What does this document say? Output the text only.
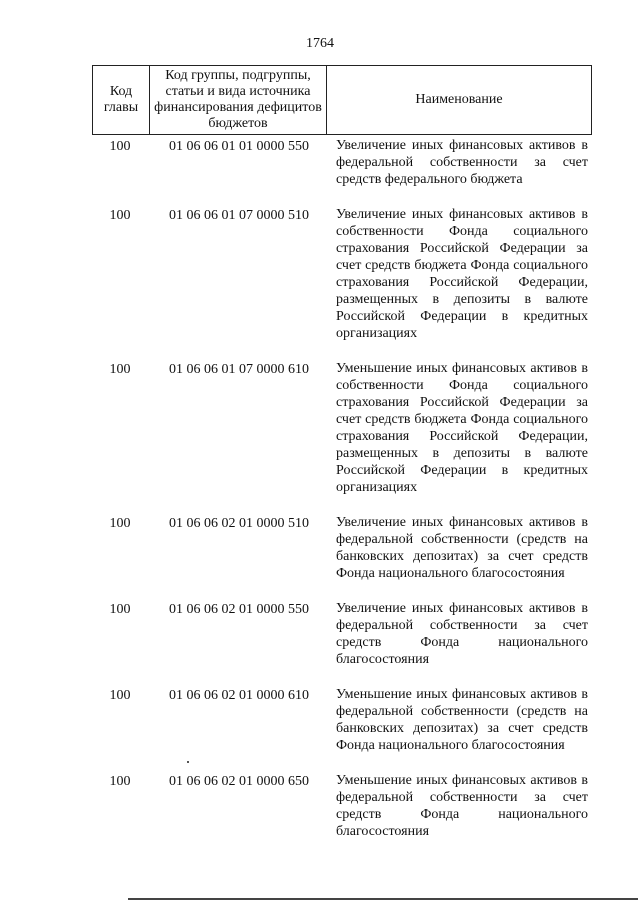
1764
Код главы	Код группы, подгруппы, статьи и вида источника финансирования дефицитов бюджетов	Наименование
100	01 06 06 01 01 0000 550	Увеличение иных финансовых активов в федеральной собственности за счет средств федерального бюджета
100	01 06 06 01 07 0000 510	Увеличение иных финансовых активов в собственности Фонда социального страхования Российской Федерации за счет средств бюджета Фонда социального страхования Российской Федерации, размещенных в депозиты в валюте Российской Федерации в кредитных организациях
100	01 06 06 01 07 0000 610	Уменьшение иных финансовых активов в собственности Фонда социального страхования Российской Федерации за счет средств бюджета Фонда социального страхования Российской Федерации, размещенных в депозиты в валюте Российской Федерации в кредитных организациях
100	01 06 06 02 01 0000 510	Увеличение иных финансовых активов в федеральной собственности (средств на банковских депозитах) за счет средств Фонда национального благосостояния
100	01 06 06 02 01 0000 550	Увеличение иных финансовых активов в федеральной собственности за счет средств Фонда национального благосостояния
100	01 06 06 02 01 0000 610	Уменьшение иных финансовых активов в федеральной собственности (средств на банковских депозитах) за счет средств Фонда национального благосостояния
100	01 06 06 02 01 0000 650	Уменьшение иных финансовых активов в федеральной собственности за счет средств Фонда национального благосостояния
